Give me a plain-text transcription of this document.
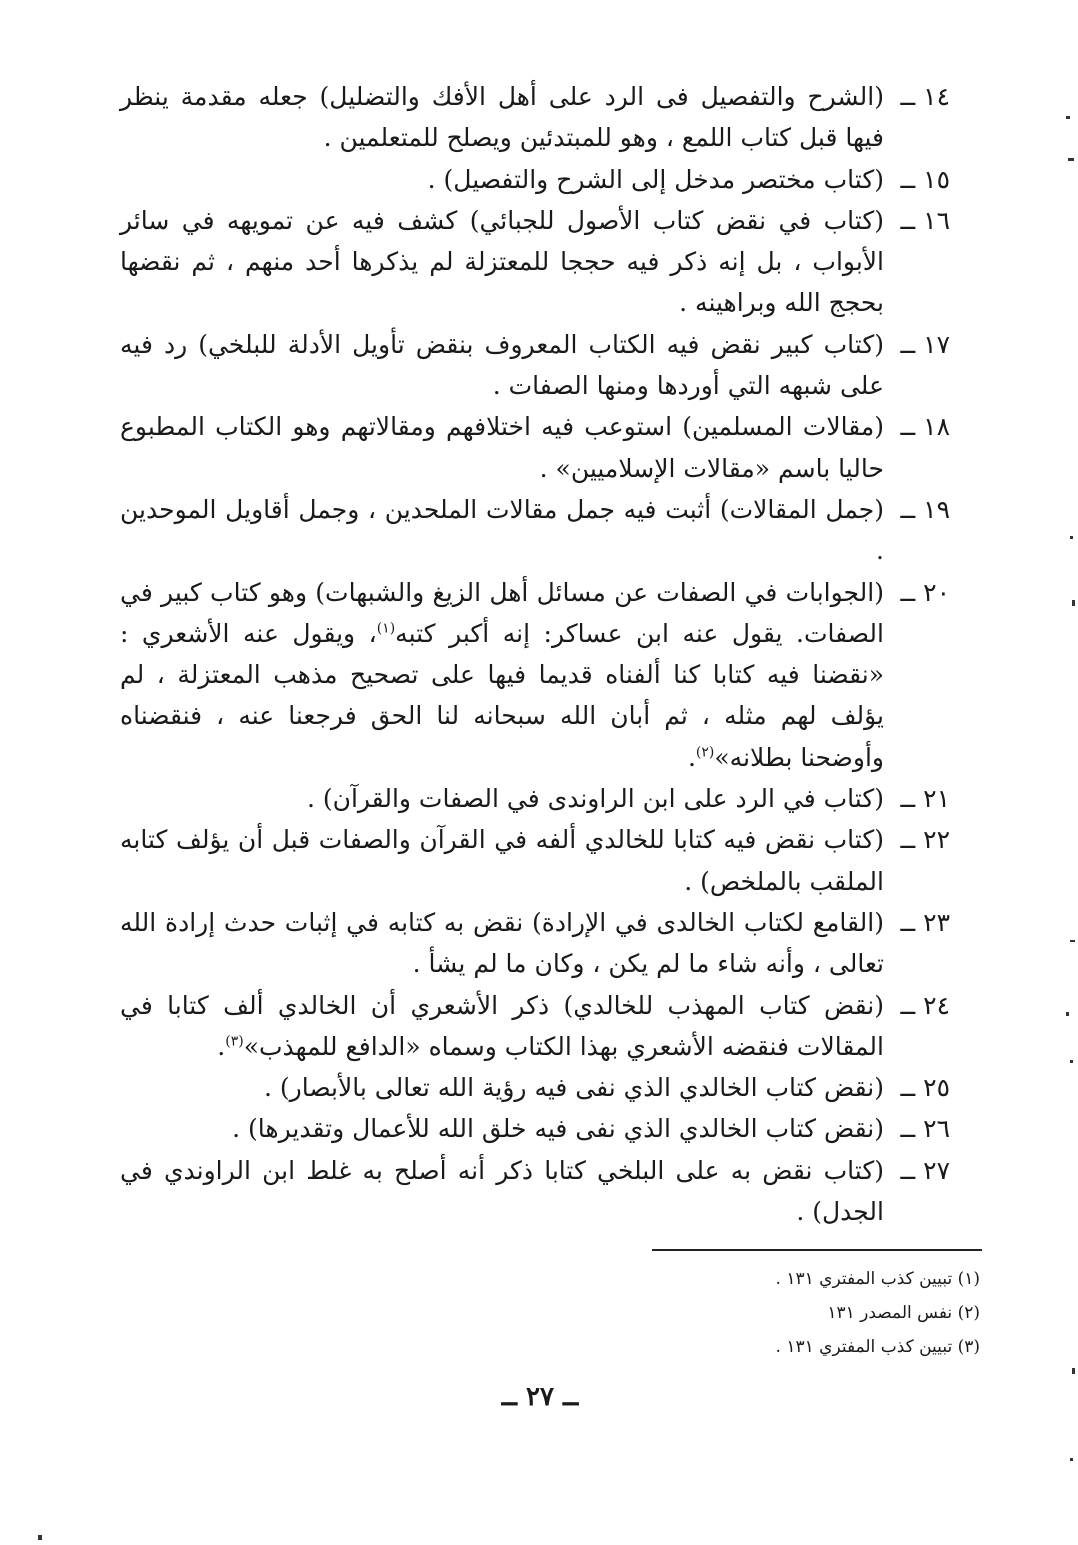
١٤ ــ(الشرح والتفصيل فى الرد على أهل الأفك والتضليل) جعله مقدمة ينظر فيها قبل كتاب اللمع ، وهو للمبتدئين ويصلح للمتعلمين .

١٥ ــ(كتاب مختصر مدخل إلى الشرح والتفصيل) .

١٦ ــ(كتاب في نقض كتاب الأصول للجبائي) كشف فيه عن تمويهه في سائر الأبواب ، بل إنه ذكر فيه حججا للمعتزلة لم يذكرها أحد منهم ، ثم نقضها بحجج الله وبراهينه .

١٧ ــ(كتاب كبير نقض فيه الكتاب المعروف بنقض تأويل الأدلة للبلخي) رد فيه على شبهه التي أوردها ومنها الصفات .

١٨ ــ(مقالات المسلمين) استوعب فيه اختلافهم ومقالاتهم وهو الكتاب المطبوع حاليا باسم «مقالات الإسلاميين» .

١٩ ــ(جمل المقالات) أثبت فيه جمل مقالات الملحدين ، وجمل أقاويل الموحدين .

٢٠ ــ(الجوابات في الصفات عن مسائل أهل الزيغ والشبهات) وهو كتاب كبير في الصفات. يقول عنه ابن عساكر: إنه أكبر كتبه$^{(١)}$، ويقول عنه الأشعري : «نقضنا فيه كتابا كنا ألفناه قديما فيها على تصحيح مذهب المعتزلة ، لم يؤلف لهم مثله ، ثم أبان الله سبحانه لنا الحق فرجعنا عنه ، فنقضناه وأوضحنا بطلانه»$^{(٢)}$.

٢١ ــ(كتاب في الرد على ابن الراوندى في الصفات والقرآن) .

٢٢ ــ(كتاب نقض فيه كتابا للخالدي ألفه في القرآن والصفات قبل أن يؤلف كتابه الملقب بالملخص) .

٢٣ ــ(القامع لكتاب الخالدى في الإرادة) نقض به كتابه في إثبات حدث إرادة الله تعالى ، وأنه شاء ما لم يكن ، وكان ما لم يشأ .

٢٤ ــ(نقض كتاب المهذب للخالدي) ذكر الأشعري أن الخالدي ألف كتابا في المقالات فنقضه الأشعري بهذا الكتاب وسماه «الدافع للمهذب»$^{(٣)}$.

٢٥ ــ(نقض كتاب الخالدي الذي نفى فيه رؤية الله تعالى بالأبصار) .

٢٦ ــ(نقض كتاب الخالدي الذي نفى فيه خلق الله للأعمال وتقديرها) .

٢٧ ــ(كتاب نقض به على البلخي كتابا ذكر أنه أصلح به غلط ابن الراوندي في الجدل) .

(١) تبيين كذب المفتري ١٣١ .

(٢) نفس المصدر ١٣١

(٣) تبيين كذب المفتري ١٣١ .

ــ ٢٧ ــ
